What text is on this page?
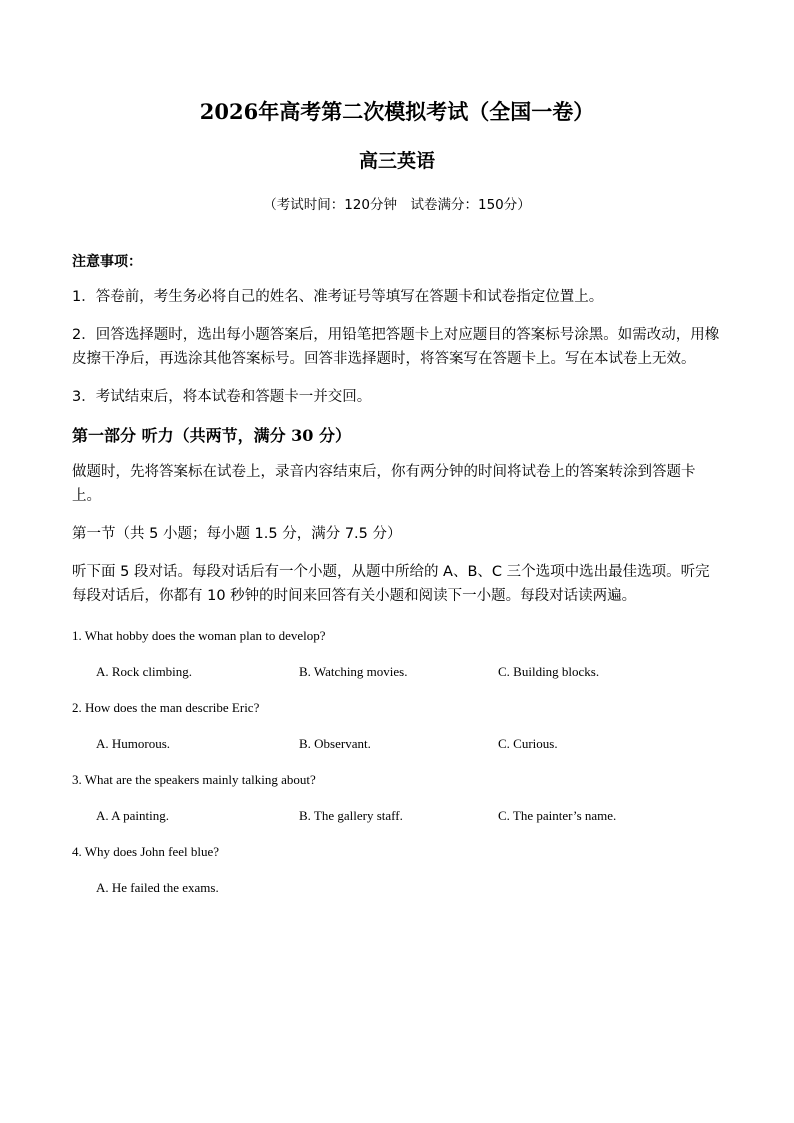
2026年高考第二次模拟考试（全国一卷）
高三英语
（考试时间：120分钟　试卷满分：150分）
注意事项：
1．答卷前，考生务必将自己的姓名、准考证号等填写在答题卡和试卷指定位置上。
2．回答选择题时，选出每小题答案后，用铅笔把答题卡上对应题目的答案标号涂黑。如需改动，用橡皮擦干净后，再选涂其他答案标号。回答非选择题时，将答案写在答题卡上。写在本试卷上无效。
3．考试结束后，将本试卷和答题卡一并交回。
第一部分 听力（共两节，满分 30 分）
做题时，先将答案标在试卷上，录音内容结束后，你有两分钟的时间将试卷上的答案转涂到答题卡上。
第一节（共 5 小题；每小题 1.5 分，满分 7.5 分）
听下面 5 段对话。每段对话后有一个小题，从题中所给的 A、B、C 三个选项中选出最佳选项。听完每段对话后，你都有 10 秒钟的时间来回答有关小题和阅读下一小题。每段对话读两遍。
1. What hobby does the woman plan to develop?
A. Rock climbing.	B. Watching movies.	C. Building blocks.
2. How does the man describe Eric?
A. Humorous.	B. Observant.	C. Curious.
3. What are the speakers mainly talking about?
A. A painting.	B. The gallery staff.	C. The painter’s name.
4. Why does John feel blue?
A. He failed the exams.
